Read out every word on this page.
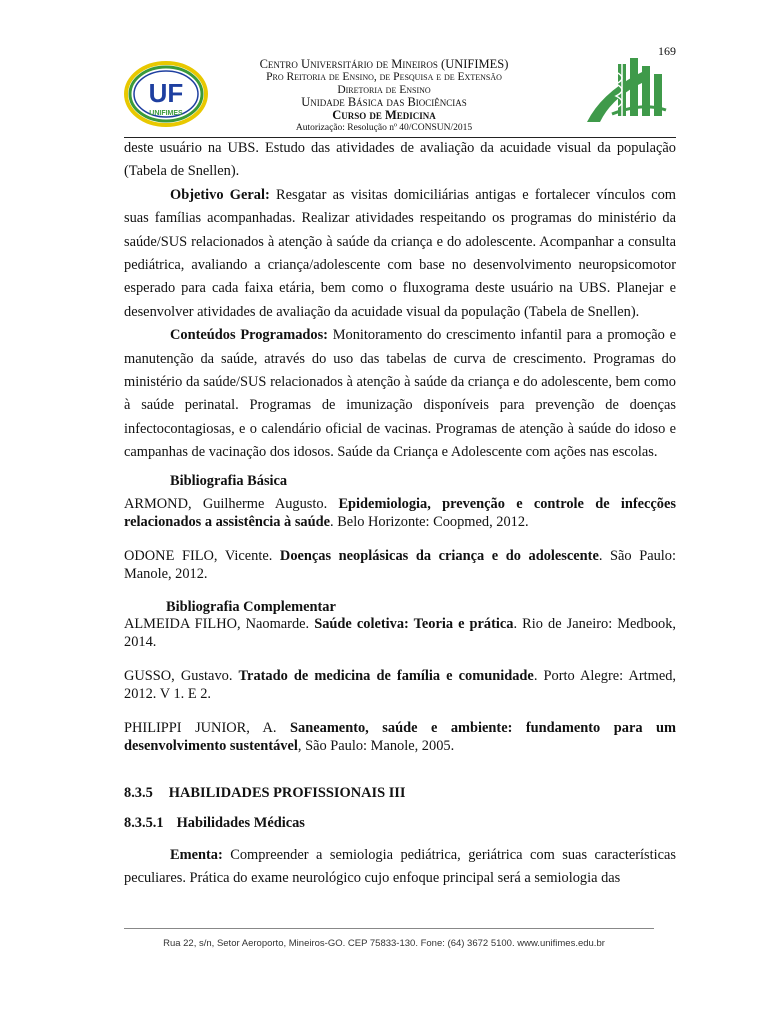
169
UF
UNIFIMES
Centro Universitário de Mineiros (UNIFIMES)
Pro Reitoria de Ensino, de Pesquisa e de Extensão
Diretoria de Ensino
Unidade Básica das Biociências
Curso de Medicina
Autorização: Resolução nº 40/CONSUN/2015

deste usuário na UBS. Estudo das atividades de avaliação da acuidade visual da população (Tabela de Snellen).

Objetivo Geral: Resgatar as visitas domiciliárias antigas e fortalecer vínculos com suas famílias acompanhadas. Realizar atividades respeitando os programas do ministério da saúde/SUS relacionados à atenção à saúde da criança e do adolescente. Acompanhar a consulta pediátrica, avaliando a criança/adolescente com base no desenvolvimento neuropsicomotor esperado para cada faixa etária, bem como o fluxograma deste usuário na UBS. Planejar e desenvolver atividades de avaliação da acuidade visual da população (Tabela de Snellen).

Conteúdos Programados: Monitoramento do crescimento infantil para a promoção e manutenção da saúde, através do uso das tabelas de curva de crescimento. Programas do ministério da saúde/SUS relacionados à atenção à saúde da criança e do adolescente, bem como à saúde perinatal. Programas de imunização disponíveis para prevenção de doenças infectocontagiosas, e o calendário oficial de vacinas. Programas de atenção à saúde do idoso e campanhas de vacinação dos idosos. Saúde da Criança e Adolescente com ações nas escolas.

Bibliografia Básica

ARMOND, Guilherme Augusto. Epidemiologia, prevenção e controle de infecções relacionados a assistência à saúde. Belo Horizonte: Coopmed, 2012.

ODONE FILO, Vicente. Doenças neoplásicas da criança e do adolescente. São Paulo: Manole, 2012.

Bibliografia Complementar

ALMEIDA FILHO, Naomarde. Saúde coletiva: Teoria e prática. Rio de Janeiro: Medbook, 2014.

GUSSO, Gustavo. Tratado de medicina de família e comunidade. Porto Alegre: Artmed, 2012. V 1. E 2.

PHILIPPI JUNIOR, A. Saneamento, saúde e ambiente: fundamento para um desenvolvimento sustentável, São Paulo: Manole, 2005.

8.3.5 HABILIDADES PROFISSIONAIS III

8.3.5.1 Habilidades Médicas

Ementa: Compreender a semiologia pediátrica, geriátrica com suas características peculiares. Prática do exame neurológico cujo enfoque principal será a semiologia das

Rua 22, s/n, Setor Aeroporto, Mineiros-GO. CEP 75833-130. Fone: (64) 3672 5100. www.unifimes.edu.br
